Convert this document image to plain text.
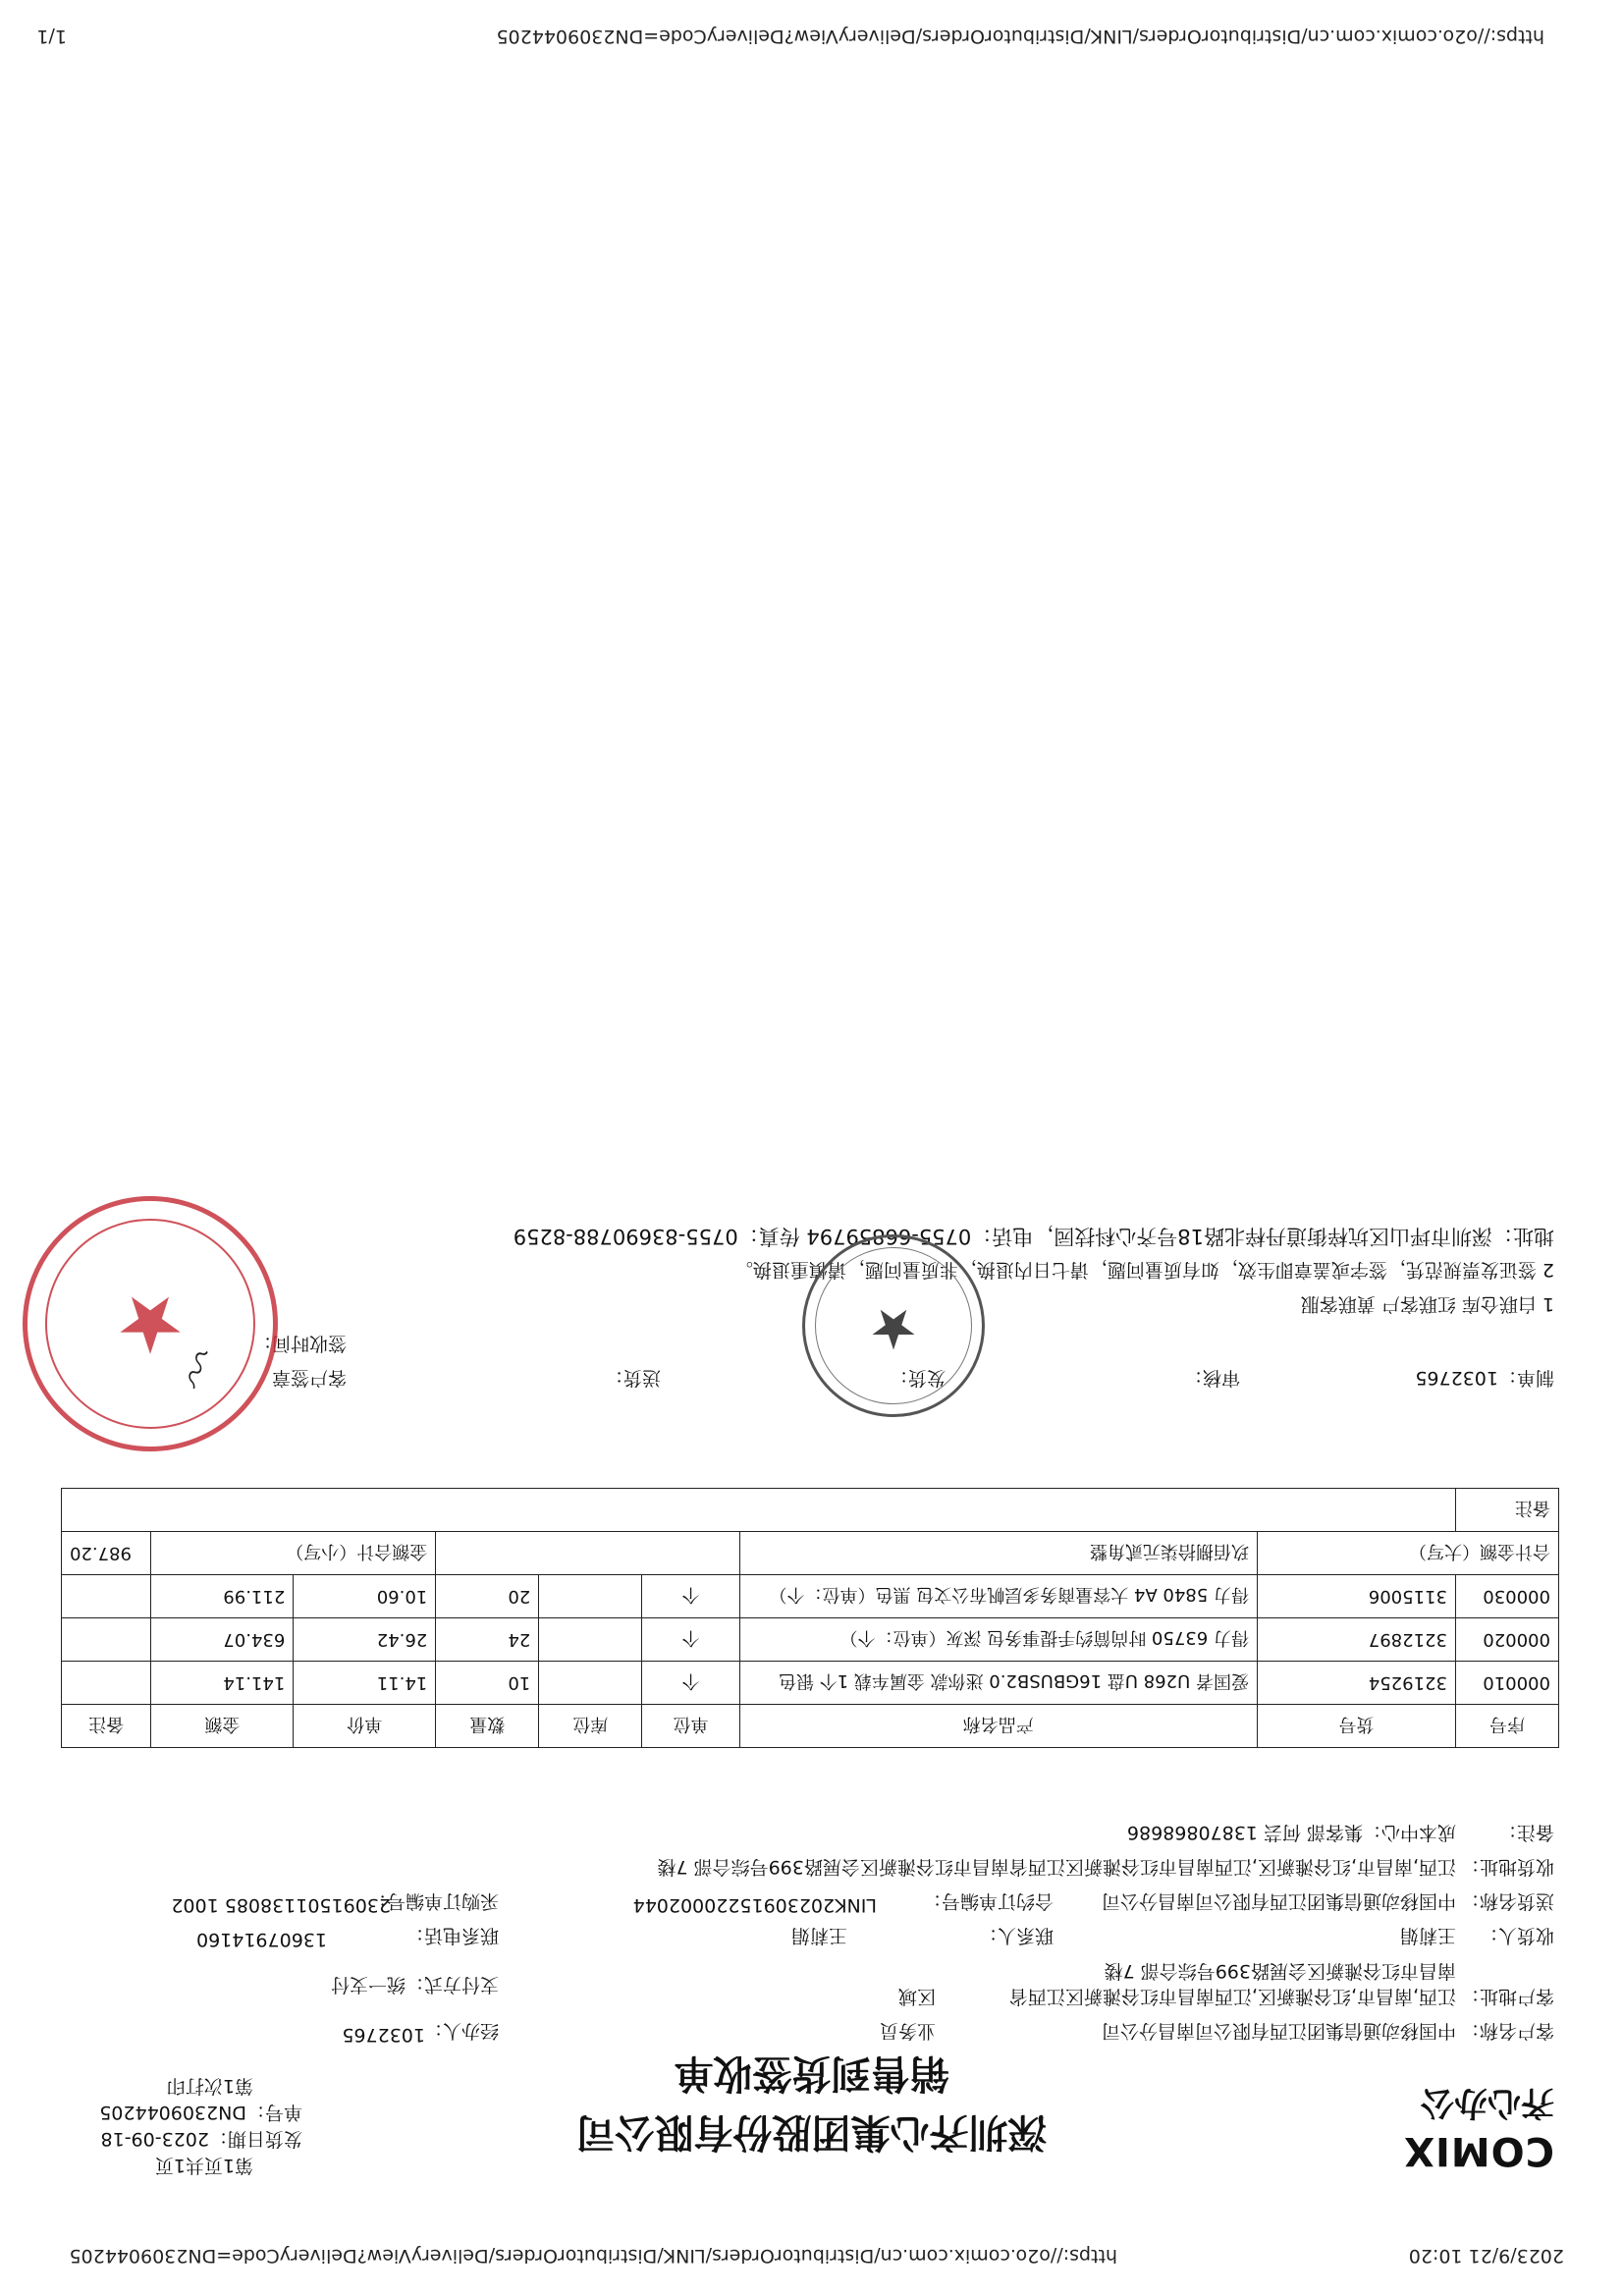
2023/9/21 10:20
https://o2o.comix.com.cn/DistributorOrders/LINK/DistributorOrders/DeliveryView?DeliveryCode=DN2309044205
COMIX
齐心办公
深圳齐心集团股份有限公司
销售到货签收单
第1页共1页
发货日期：2023-09-18
单号：DN2309044205
第1次打印
客户名称：
中国移动通信集团江西有限公司南昌分公司
业务员
经办人：
1032765
客户地址：
江西,南昌市,红谷滩新区,江西南昌市红谷滩新区江西省
南昌市红谷滩新区会展路399号综合部 7楼
区域
支付方式：
统一支付
收货人：
王莉娟
联系人：
王莉娟
联系电话：
13607914160
送货名称：
中国移动通信集团江西有限公司南昌分公司
合约订单编号：
LINK20230915220002044
采购订单编号：
23091501138085 1002
收货地址：
江西,南昌市,红谷滩新区,江西南昌市红谷滩新区江西省南昌市红谷滩新区会展路399号综合部 7楼
备注：
成本中心：集客部 何芸 13870868686
序号	货号	产品名称	单位	库位	数量	单价	金额	备注
000010	3219254	爱国者 U268 U盘 16GBUSB2.0 迷你款 金属车载 1个 银色	个		10	14.11	141.14	
000020	3212897	得力 63750 时尚简约手提事务包 深灰（单位：个）	个		24	26.42	634.07	
000030	3115006	得力 5840 A4 大容量商务多层帆布公文包 黑色（单位：个）	个		20	10.60	211.99	
合计金额（大写）		玖佰捌拾柒元贰角整				金额合计（小写）		987.20
备注								
制单：1032765
审核：
发货：
送货：
客户签章
签收时间：
1 白联仓库 红联客户 黄联客服
2 签证发票规范凭，签字或盖章即生效，如有质量问题，请七日内退换，非质量问题，请慎重退换。
地址：深圳市坪山区坑梓街道丹梓北路18号齐心科技园，电话：0755-66859794 传真：0755-83690788-8259
★
★
〰
1/1	https://o2o.comix.com.cn/DistributorOrders/LINK/DistributorOrders/DeliveryView?DeliveryCode=DN2309044205
